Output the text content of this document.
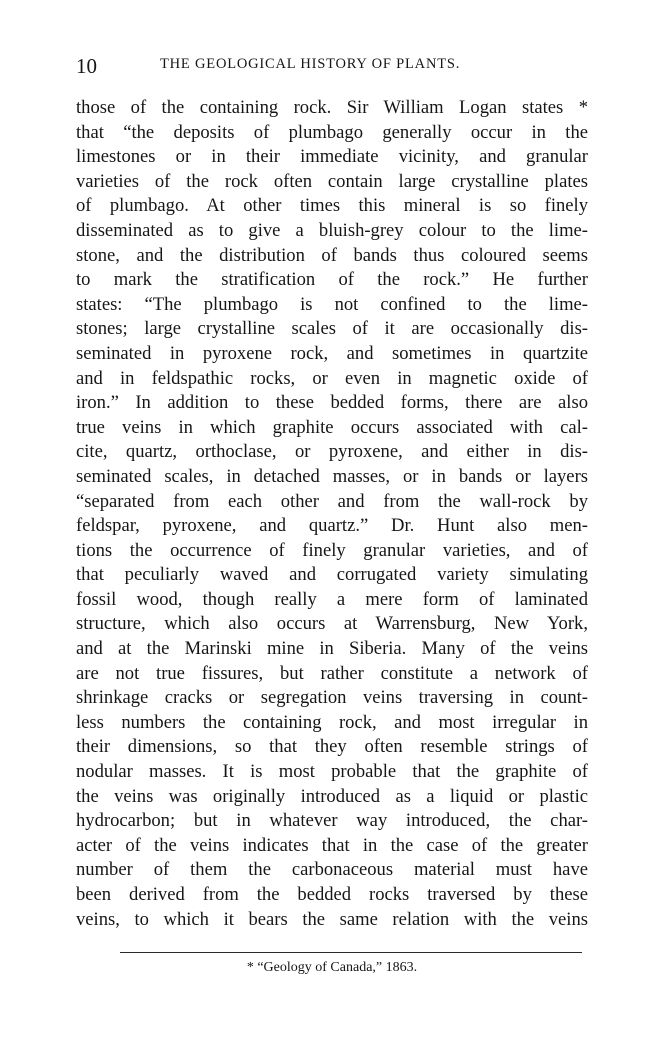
10	THE GEOLOGICAL HISTORY OF PLANTS.
those of the containing rock. Sir William Logan states *
that “the deposits of plumbago generally occur in the
limestones or in their immediate vicinity, and granular
varieties of the rock often contain large crystalline plates
of plumbago. At other times this mineral is so finely
disseminated as to give a bluish-grey colour to the lime-
stone, and the distribution of bands thus coloured seems
to mark the stratification of the rock.” He further
states: “The plumbago is not confined to the lime-
stones; large crystalline scales of it are occasionally dis-
seminated in pyroxene rock, and sometimes in quartzite
and in feldspathic rocks, or even in magnetic oxide of
iron.” In addition to these bedded forms, there are also
true veins in which graphite occurs associated with cal-
cite, quartz, orthoclase, or pyroxene, and either in dis-
seminated scales, in detached masses, or in bands or layers
“separated from each other and from the wall-rock by
feldspar, pyroxene, and quartz.” Dr. Hunt also men-
tions the occurrence of finely granular varieties, and of
that peculiarly waved and corrugated variety simulating
fossil wood, though really a mere form of laminated
structure, which also occurs at Warrensburg, New York,
and at the Marinski mine in Siberia. Many of the veins
are not true fissures, but rather constitute a network of
shrinkage cracks or segregation veins traversing in count-
less numbers the containing rock, and most irregular in
their dimensions, so that they often resemble strings of
nodular masses. It is most probable that the graphite of
the veins was originally introduced as a liquid or plastic
hydrocarbon; but in whatever way introduced, the char-
acter of the veins indicates that in the case of the greater
number of them the carbonaceous material must have
been derived from the bedded rocks traversed by these
veins, to which it bears the same relation with the veins
* “Geology of Canada,” 1863.
